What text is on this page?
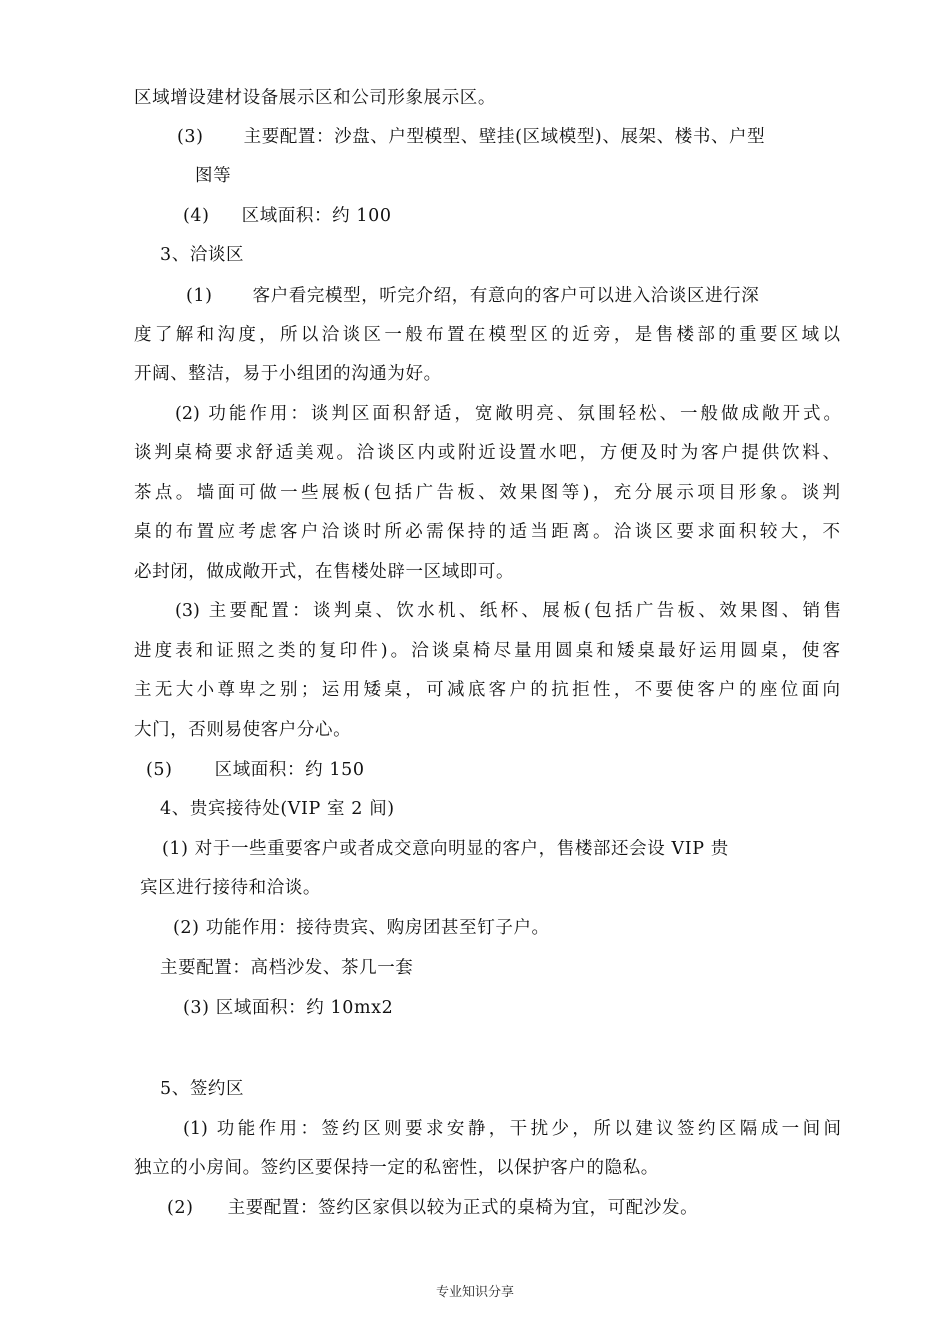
区域增设建材设备展示区和公司形象展示区。
(3) 主要配置：沙盘、户型模型、壁挂(区域模型)、展架、楼书、户型
图等
(4) 区域面积：约 100
3、洽谈区
(1) 客户看完模型，听完介绍，有意向的客户可以进入洽谈区进行深
度了解和沟度，所以洽谈区一般布置在模型区的近旁，是售楼部的重要区域以
开阔、整洁，易于小组团的沟通为好。
(2) 功能作用：谈判区面积舒适，宽敞明亮、氛围轻松、一般做成敞开式。
谈判桌椅要求舒适美观。洽谈区内或附近设置水吧，方便及时为客户提供饮料、
茶点。墙面可做一些展板(包括广告板、效果图等)，充分展示项目形象。谈判
桌的布置应考虑客户洽谈时所必需保持的适当距离。洽谈区要求面积较大，不
必封闭，做成敞开式，在售楼处辟一区域即可。
(3) 主要配置：谈判桌、饮水机、纸杯、展板(包括广告板、效果图、销售
进度表和证照之类的复印件)。洽谈桌椅尽量用圆桌和矮桌最好运用圆桌，使客
主无大小尊卑之别；运用矮桌，可减底客户的抗拒性，不要使客户的座位面向
大门，否则易使客户分心。
(5) 区域面积：约 150
4、贵宾接待处(VIP 室 2 间)
(1) 对于一些重要客户或者成交意向明显的客户，售楼部还会设 VIP 贵
宾区进行接待和洽谈。
(2) 功能作用：接待贵宾、购房团甚至钉子户。
主要配置：高档沙发、茶几一套
(3) 区域面积：约 10mx2
5、签约区
(1) 功能作用：签约区则要求安静，干扰少，所以建议签约区隔成一间间
独立的小房间。签约区要保持一定的私密性，以保护客户的隐私。
(2) 主要配置：签约区家俱以较为正式的桌椅为宜，可配沙发。
专业知识分享
